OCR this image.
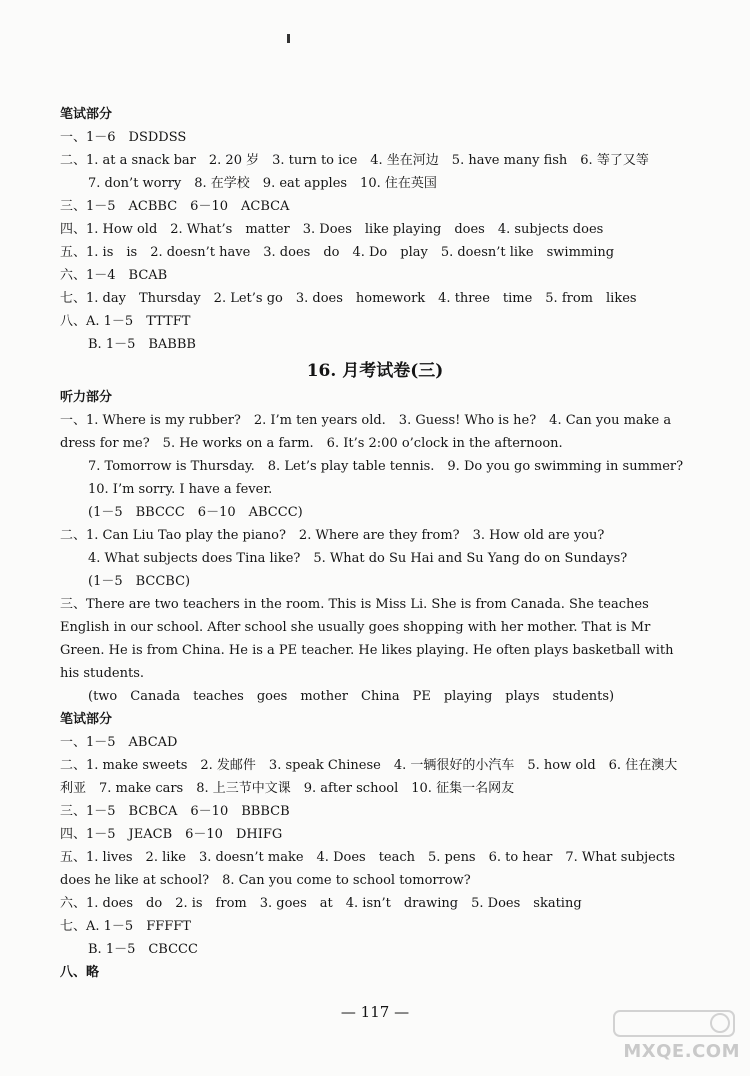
笔试部分
一、1－6　DSDDSS
二、1. at a snack bar　2. 20 岁　3. turn to ice　4. 坐在河边　5. have many fish　6. 等了又等
7. don’t worry　8. 在学校　9. eat apples　10. 住在英国
三、1－5　ACBBC　6－10　ACBCA
四、1. How old　2. What’s　matter　3. Does　like playing　does　4. subjects does
五、1. is　is　2. doesn’t have　3. does　do　4. Do　play　5. doesn’t like　swimming
六、1－4　BCAB
七、1. day　Thursday　2. Let’s go　3. does　homework　4. three　time　5. from　likes
八、A. 1－5　TTTFT
B. 1－5　BABBB
16. 月考试卷(三)
听力部分
一、1. Where is my rubber?　2. I’m ten years old.　3. Guess! Who is he?　4. Can you make a dress for me?　5. He works on a farm.　6. It’s 2:00 o’clock in the afternoon.
7. Tomorrow is Thursday.　8. Let’s play table tennis.　9. Do you go swimming in summer?　10. I’m sorry. I have a fever.
(1－5　BBCCC　6－10　ABCCC)
二、1. Can Liu Tao play the piano?　2. Where are they from?　3. How old are you?
4. What subjects does Tina like?　5. What do Su Hai and Su Yang do on Sundays?
(1－5　BCCBC)
三、There are two teachers in the room. This is Miss Li. She is from Canada. She teaches English in our school. After school she usually goes shopping with her mother. That is Mr Green. He is from China. He is a PE teacher. He likes playing. He often plays basketball with his students.
(two　Canada　teaches　goes　mother　China　PE　playing　plays　students)
笔试部分
一、1－5　ABCAD
二、1. make sweets　2. 发邮件　3. speak Chinese　4. 一辆很好的小汽车　5. how old　6. 住在澳大利亚　7. make cars　8. 上三节中文课　9. after school　10. 征集一名网友
三、1－5　BCBCA　6－10　BBBCB
四、1－5　JEACB　6－10　DHIFG
五、1. lives　2. like　3. doesn’t make　4. Does　teach　5. pens　6. to hear　7. What subjects does he like at school?　8. Can you come to school tomorrow?
六、1. does　do　2. is　from　3. goes　at　4. isn’t　drawing　5. Does　skating
七、A. 1－5　FFFFT
B. 1－5　CBCCC
八、略
— 117 —
MXQE.COM
